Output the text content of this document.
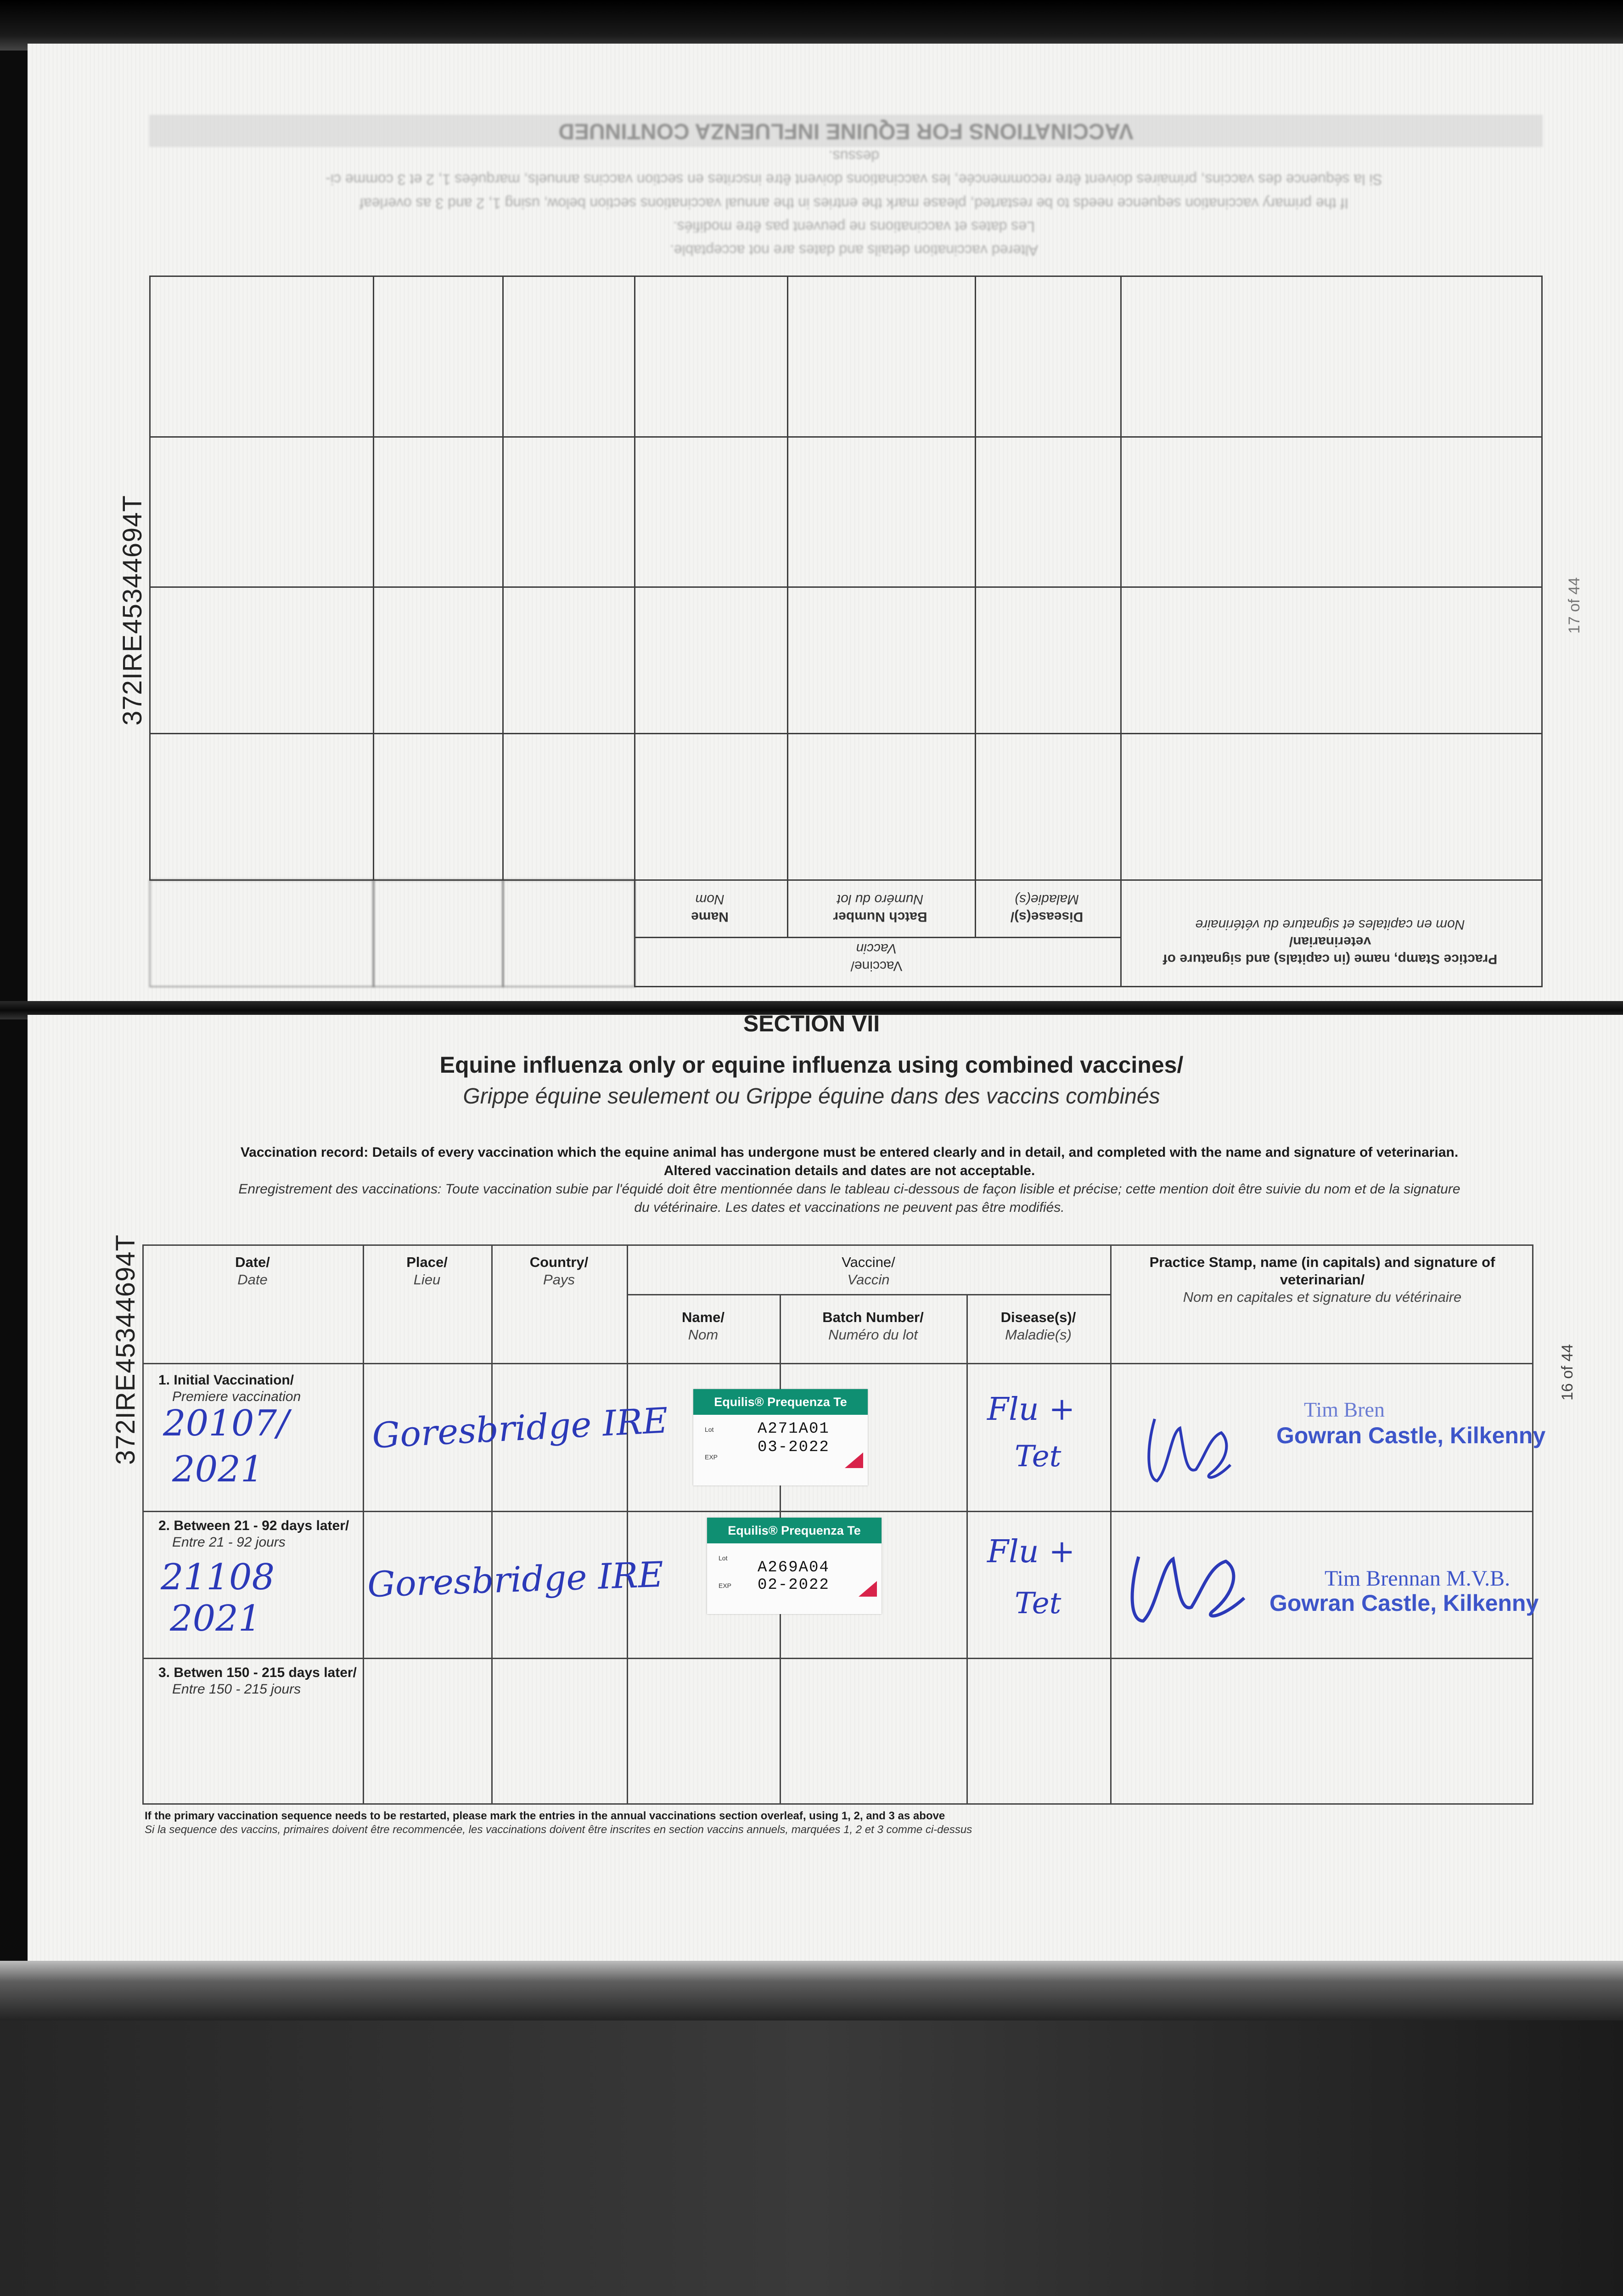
372IRE45344694T
372IRE45344694T
17 of 44
16 of 44
Practice Stamp, name (in capitals) and signature of veterinarian/
Nom en capitales et signature du vétérinaire
Vaccine/
Vaccin
Disease(s)/
Maladie(s)
Batch Number
Numéro du lot
Name
Nom
Altered vaccination details and dates are not acceptable.
Les dates et vaccinations ne peuvent pas être modifiés.
If the primary vaccination sequence needs to be restarted, please mark the entries in the annual vaccinations section below, using 1, 2 and 3 as overleaf
Si la séquence des vaccins, primaires doivent être recommencée, les vaccinations doivent être inscrites en section vaccins annuels, marquées 1, 2 et 3 comme ci-dessus.
VACCINATIONS FOR EQUINE INFLUENZA CONTINUED
SECTION VII
Equine influenza only or equine influenza using combined vaccines/
Grippe équine seulement ou Grippe équine dans des vaccins combinés
Vaccination record: Details of every vaccination which the equine animal has undergone must be entered clearly and in detail, and completed with the name and signature of veterinarian.
Altered vaccination details and dates are not acceptable.
Enregistrement des vaccinations: Toute vaccination subie par l'équidé doit être mentionnée dans le tableau ci-dessous de façon lisible et précise; cette mention doit être suivie du nom et de la signature
du vétérinaire. Les dates et vaccinations ne peuvent pas être modifiés.
Date/
Date
Place/
Lieu
Country/
Pays
Vaccine/
Vaccin
Name/
Nom
Batch Number/
Numéro du lot
Disease(s)/
Maladie(s)
Practice Stamp, name (in capitals) and signature of veterinarian/
Nom en capitales et signature du vétérinaire
1. Initial Vaccination/
Premiere vaccination
20107/
2021
Goresbridge IRE	Equilis® Prequenza Te
Lot
EXP
A271A01
03-2022
Flu +
Tet
Tim Bren
Gowran Castle, Kilkenny
2. Between 21 - 92 days later/
Entre 21 - 92 jours
21108
2021
Goresbridge IRE
Equilis® Prequenza Te
Lot
EXP
A269A04
02-2022
Flu +
Tet
Tim Brennan M.V.B.
Gowran Castle, Kilkenny
3. Betwen 150 - 215 days later/
Entre 150 - 215 jours
If the primary vaccination sequence needs to be restarted, please mark the entries in the annual vaccinations section overleaf, using 1, 2, and 3 as above
Si la sequence des vaccins, primaires doivent être recommencée, les vaccinations doivent être inscrites en section vaccins annuels, marquées 1, 2 et 3 comme ci-dessus
